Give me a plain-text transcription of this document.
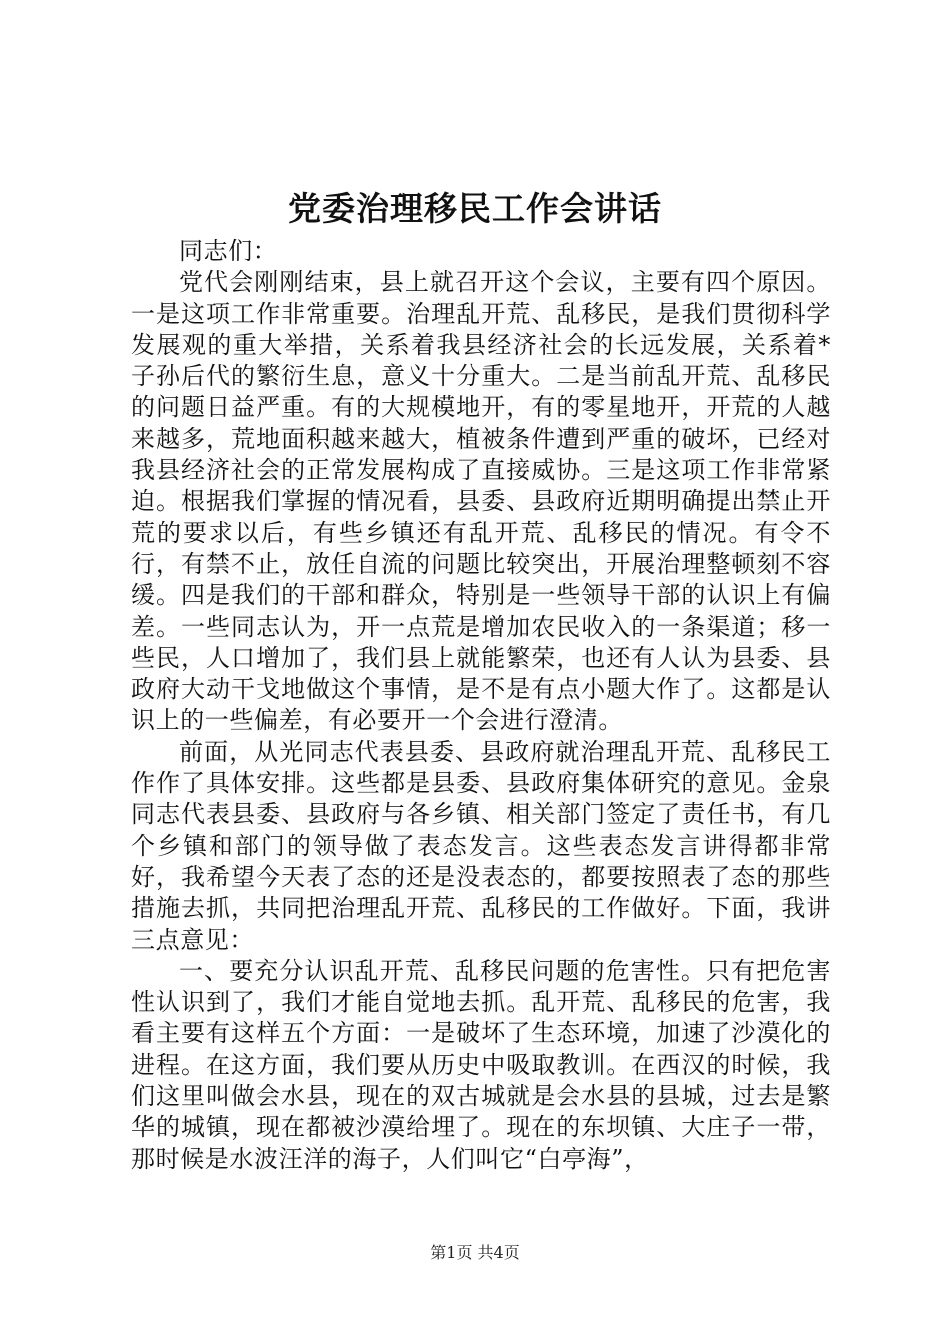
党委治理移民工作会讲话

同志们：

党代会刚刚结束，县上就召开这个会议，主要有四个原因。一是这项工作非常重要。治理乱开荒、乱移民，是我们贯彻科学发展观的重大举措，关系着我县经济社会的长远发展，关系着*子孙后代的繁衍生息，意义十分重大。二是当前乱开荒、乱移民的问题日益严重。有的大规模地开，有的零星地开，开荒的人越来越多，荒地面积越来越大，植被条件遭到严重的破坏，已经对我县经济社会的正常发展构成了直接威协。三是这项工作非常紧迫。根据我们掌握的情况看，县委、县政府近期明确提出禁止开荒的要求以后，有些乡镇还有乱开荒、乱移民的情况。有令不行，有禁不止，放任自流的问题比较突出，开展治理整顿刻不容缓。四是我们的干部和群众，特别是一些领导干部的认识上有偏差。一些同志认为，开一点荒是增加农民收入的一条渠道；移一些民，人口增加了，我们县上就能繁荣，也还有人认为县委、县政府大动干戈地做这个事情，是不是有点小题大作了。这都是认识上的一些偏差，有必要开一个会进行澄清。

前面，从光同志代表县委、县政府就治理乱开荒、乱移民工作作了具体安排。这些都是县委、县政府集体研究的意见。金泉同志代表县委、县政府与各乡镇、相关部门签定了责任书，有几个乡镇和部门的领导做了表态发言。这些表态发言讲得都非常好，我希望今天表了态的还是没表态的，都要按照表了态的那些措施去抓，共同把治理乱开荒、乱移民的工作做好。下面，我讲三点意见：

一、要充分认识乱开荒、乱移民问题的危害性。只有把危害性认识到了，我们才能自觉地去抓。乱开荒、乱移民的危害，我看主要有这样五个方面：一是破坏了生态环境，加速了沙漠化的进程。在这方面，我们要从历史中吸取教训。在西汉的时候，我们这里叫做会水县，现在的双古城就是会水县的县城，过去是繁华的城镇，现在都被沙漠给埋了。现在的东坝镇、大庄子一带，那时候是水波汪洋的海子，人们叫它“白亭海”，

第1页 共4页
